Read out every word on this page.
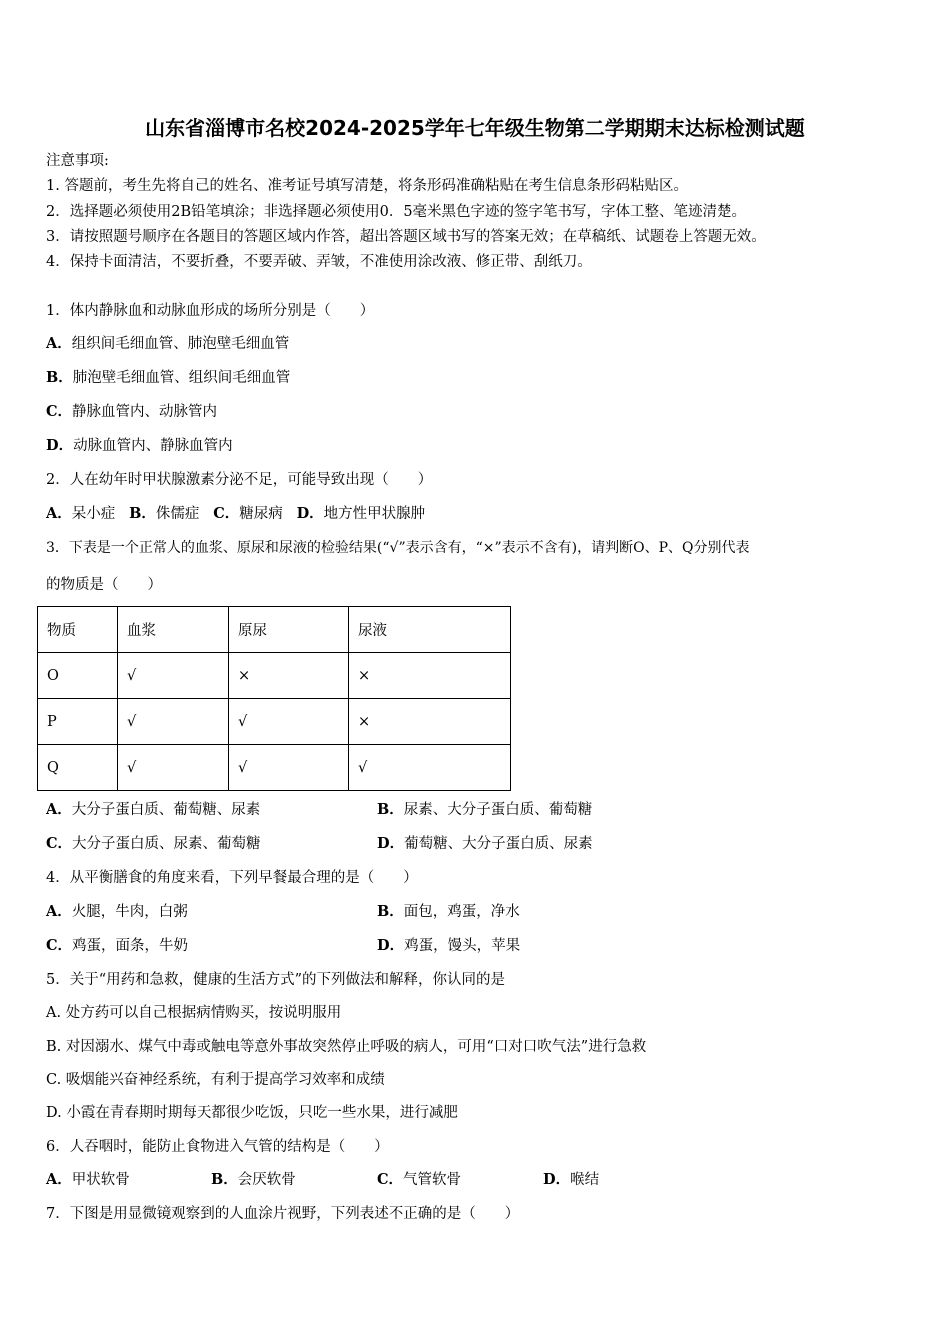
山东省淄博市名校2024-2025学年七年级生物第二学期期末达标检测试题
注意事项:
1. 答题前，考生先将自己的姓名、准考证号填写清楚，将条形码准确粘贴在考生信息条形码粘贴区。
2．选择题必须使用2B铅笔填涂；非选择题必须使用0．5毫米黑色字迹的签字笔书写，字体工整、笔迹清楚。
3．请按照题号顺序在各题目的答题区域内作答，超出答题区域书写的答案无效；在草稿纸、试题卷上答题无效。
4．保持卡面清洁，不要折叠，不要弄破、弄皱，不准使用涂改液、修正带、刮纸刀。
1．体内静脉血和动脉血形成的场所分别是（　　）
A．组织间毛细血管、肺泡壁毛细血管
B．肺泡壁毛细血管、组织间毛细血管
C．静脉血管内、动脉管内
D．动脉血管内、静脉血管内
2．人在幼年时甲状腺激素分泌不足，可能导致出现（　　）
A．呆小症 B．侏儒症 C．糖尿病 D．地方性甲状腺肿
3．下表是一个正常人的血浆、原尿和尿液的检验结果(“√”表示含有，“×”表示不含有)，请判断O、P、Q分别代表
的物质是（　　）
物质	血浆	原尿	尿液
O	√	×	×
P	√	√	×
Q	√	√	√
A．大分子蛋白质、葡萄糖、尿素	B．尿素、大分子蛋白质、葡萄糖
C．大分子蛋白质、尿素、葡萄糖	D．葡萄糖、大分子蛋白质、尿素
4．从平衡膳食的角度来看，下列早餐最合理的是（　　）
A．火腿，牛肉，白粥	B．面包，鸡蛋，净水
C．鸡蛋，面条，牛奶	D．鸡蛋，馒头，苹果
5．关于“用药和急救，健康的生活方式”的下列做法和解释，你认同的是
A. 处方药可以自己根据病情购买，按说明服用
B. 对因溺水、煤气中毒或触电等意外事故突然停止呼吸的病人，可用“口对口吹气法”进行急救
C. 吸烟能兴奋神经系统，有利于提高学习效率和成绩
D. 小霞在青春期时期每天都很少吃饭，只吃一些水果，进行减肥
6．人吞咽时，能防止食物进入气管的结构是（　　）
A．甲状软骨	B．会厌软骨	C．气管软骨	D．喉结
7．下图是用显微镜观察到的人血涂片视野，下列表述不正确的是（　　）
